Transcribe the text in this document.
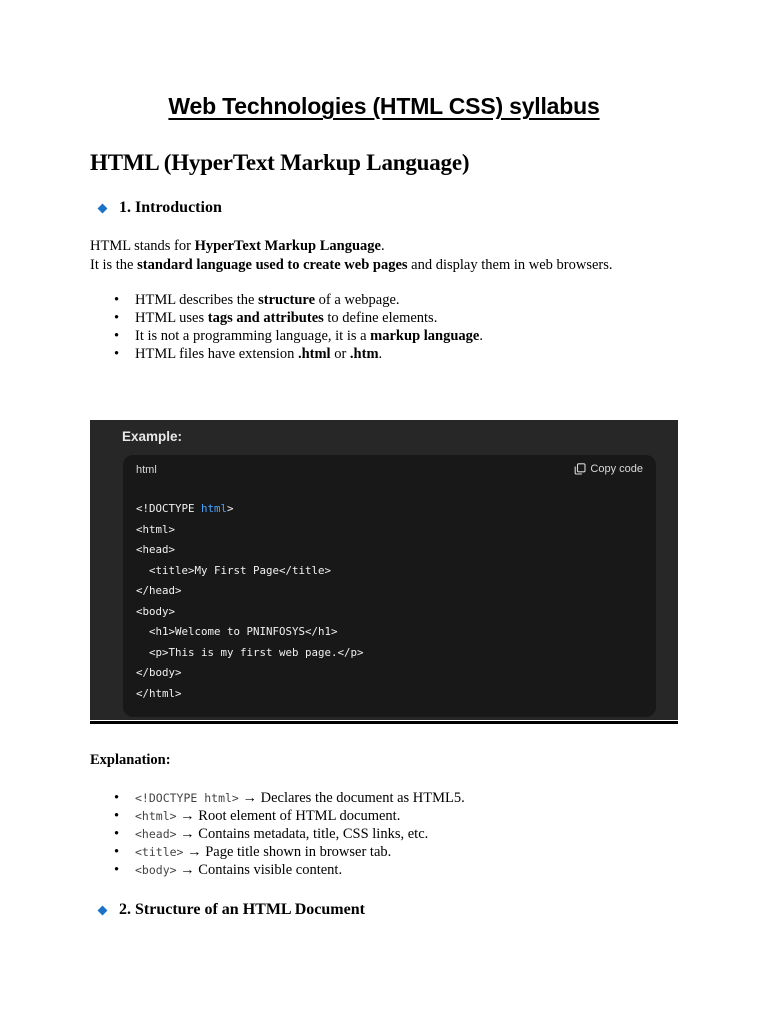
Web Technologies (HTML CSS) syllabus
HTML (HyperText Markup Language)
1. Introduction

HTML stands for HyperText Markup Language.

It is the standard language used to create web pages and display them in web browsers.

• HTML describes the structure of a webpage.
• HTML uses tags and attributes to define elements.
• It is not a programming language, it is a markup language.
• HTML files have extension .html or .htm.
Example:
html	Copy code
<!DOCTYPE html>
<html>
<head>
<title>My First Page</title>
</head>
<body>
<h1>Welcome to PNINFOSYS</h1>
<p>This is my first web page.</p>
</body>
</html>

Explanation:

• <!DOCTYPE html> → Declares the document as HTML5.
• <html> → Root element of HTML document.
• <head> → Contains metadata, title, CSS links, etc.
• <title> → Page title shown in browser tab.
• <body> → Contains visible content.
2. Structure of an HTML Document
